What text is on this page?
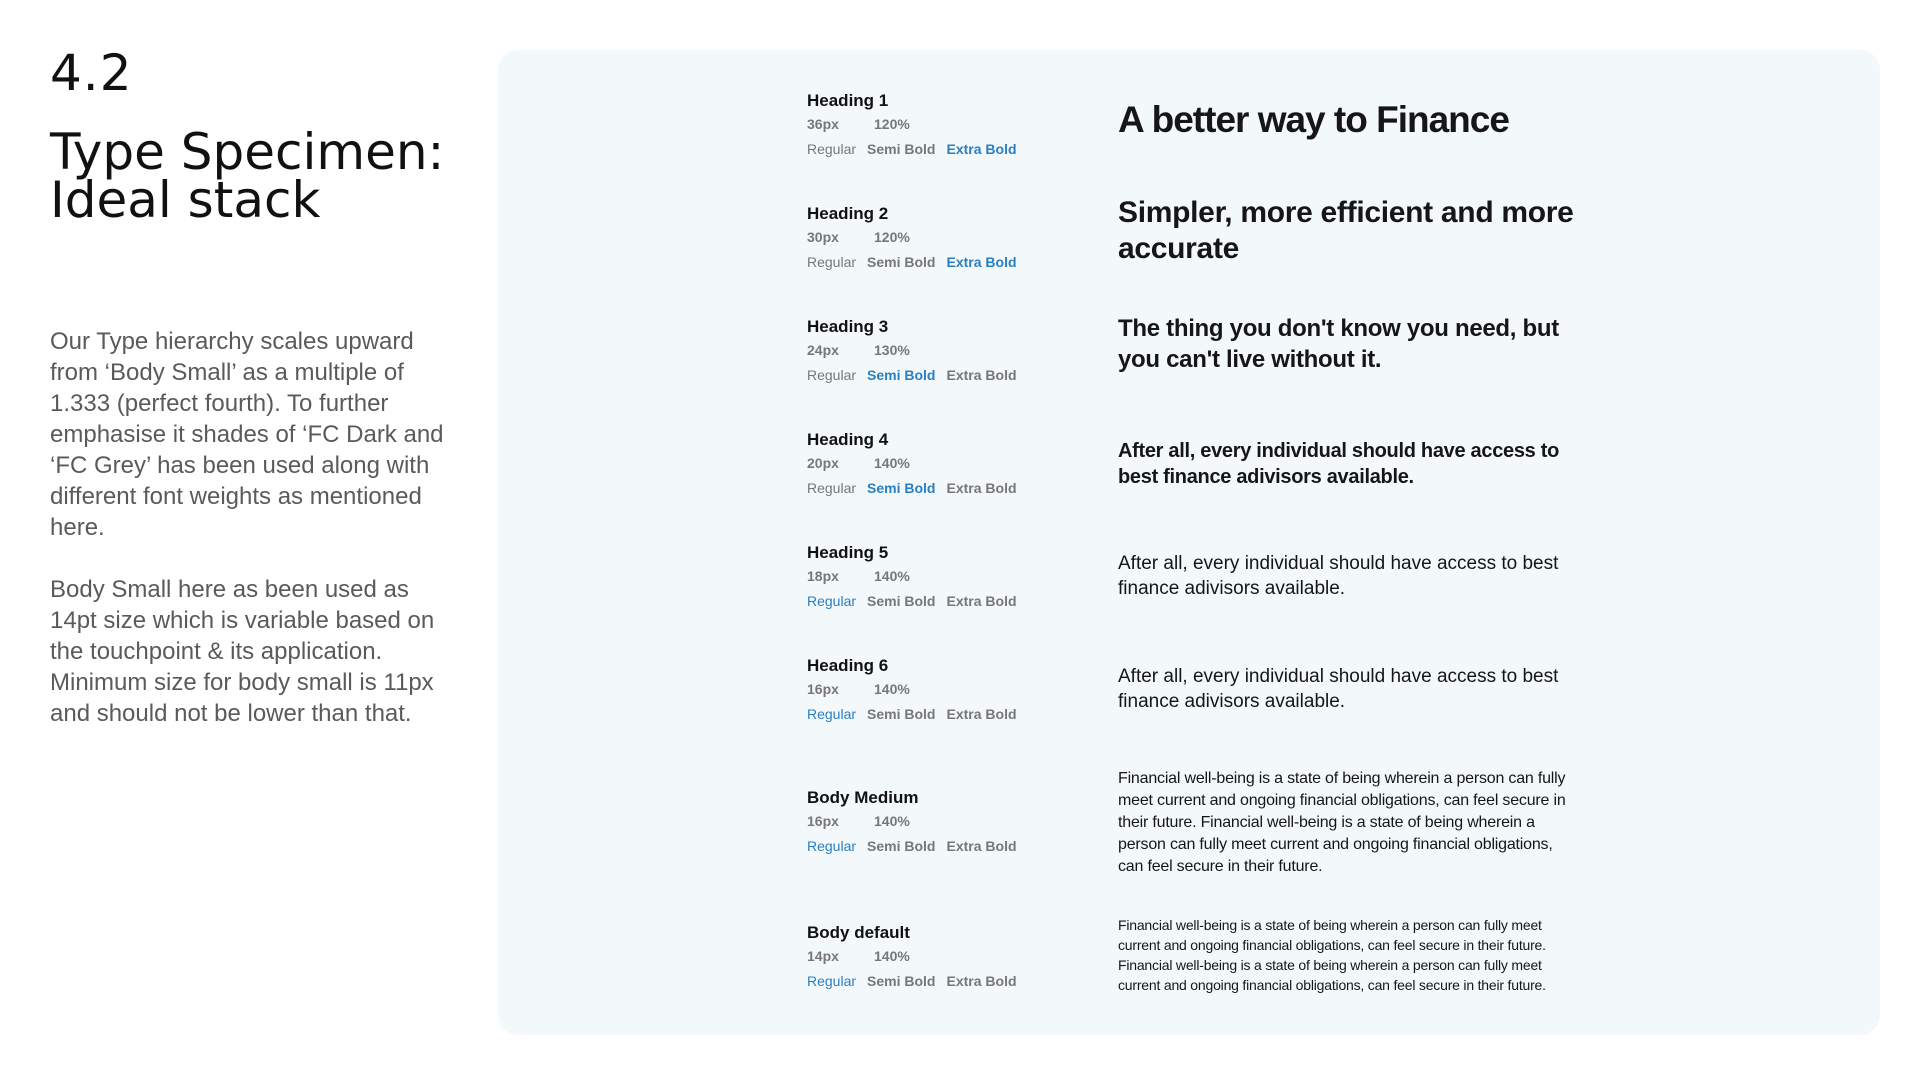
4.2
Type Specimen:
Ideal stack

Our Type hierarchy scales upward from ‘Body Small’ as a multiple of 1.333 (perfect fourth). To further emphasise it shades of ‘FC Dark and ‘FC Grey’ has been used along with different font weights as mentioned here.

Body Small here as been used as 14pt size which is variable based on the touchpoint & its application. Minimum size for body small is 11px and should not be lower than that.

Heading 1
36px	120%
Regular Semi Bold Extra Bold
A better way to Finance
Heading 2
30px	120%
Regular Semi Bold Extra Bold
Simpler, more efficient and more accurate
Heading 3
24px	130%
Regular Semi Bold Extra Bold
The thing you don't know you need, but you can't live without it.
Heading 4
20px	140%
Regular Semi Bold Extra Bold
After all, every individual should have access to best finance adivisors available.
Heading 5
18px	140%
Regular Semi Bold Extra Bold
After all, every individual should have access to best finance adivisors available.
Heading 6
16px	140%
Regular Semi Bold Extra Bold
After all, every individual should have access to best finance adivisors available.
Body Medium
16px	140%
Regular Semi Bold Extra Bold
Financial well-being is a state of being wherein a person can fully meet current and ongoing financial obligations, can feel secure in their future. Financial well-being is a state of being wherein a person can fully meet current and ongoing financial obligations, can feel secure in their future.
Body default
14px	140%
Regular Semi Bold Extra Bold
Financial well-being is a state of being wherein a person can fully meet current and ongoing financial obligations, can feel secure in their future. Financial well-being is a state of being wherein a person can fully meet current and ongoing financial obligations, can feel secure in their future.
